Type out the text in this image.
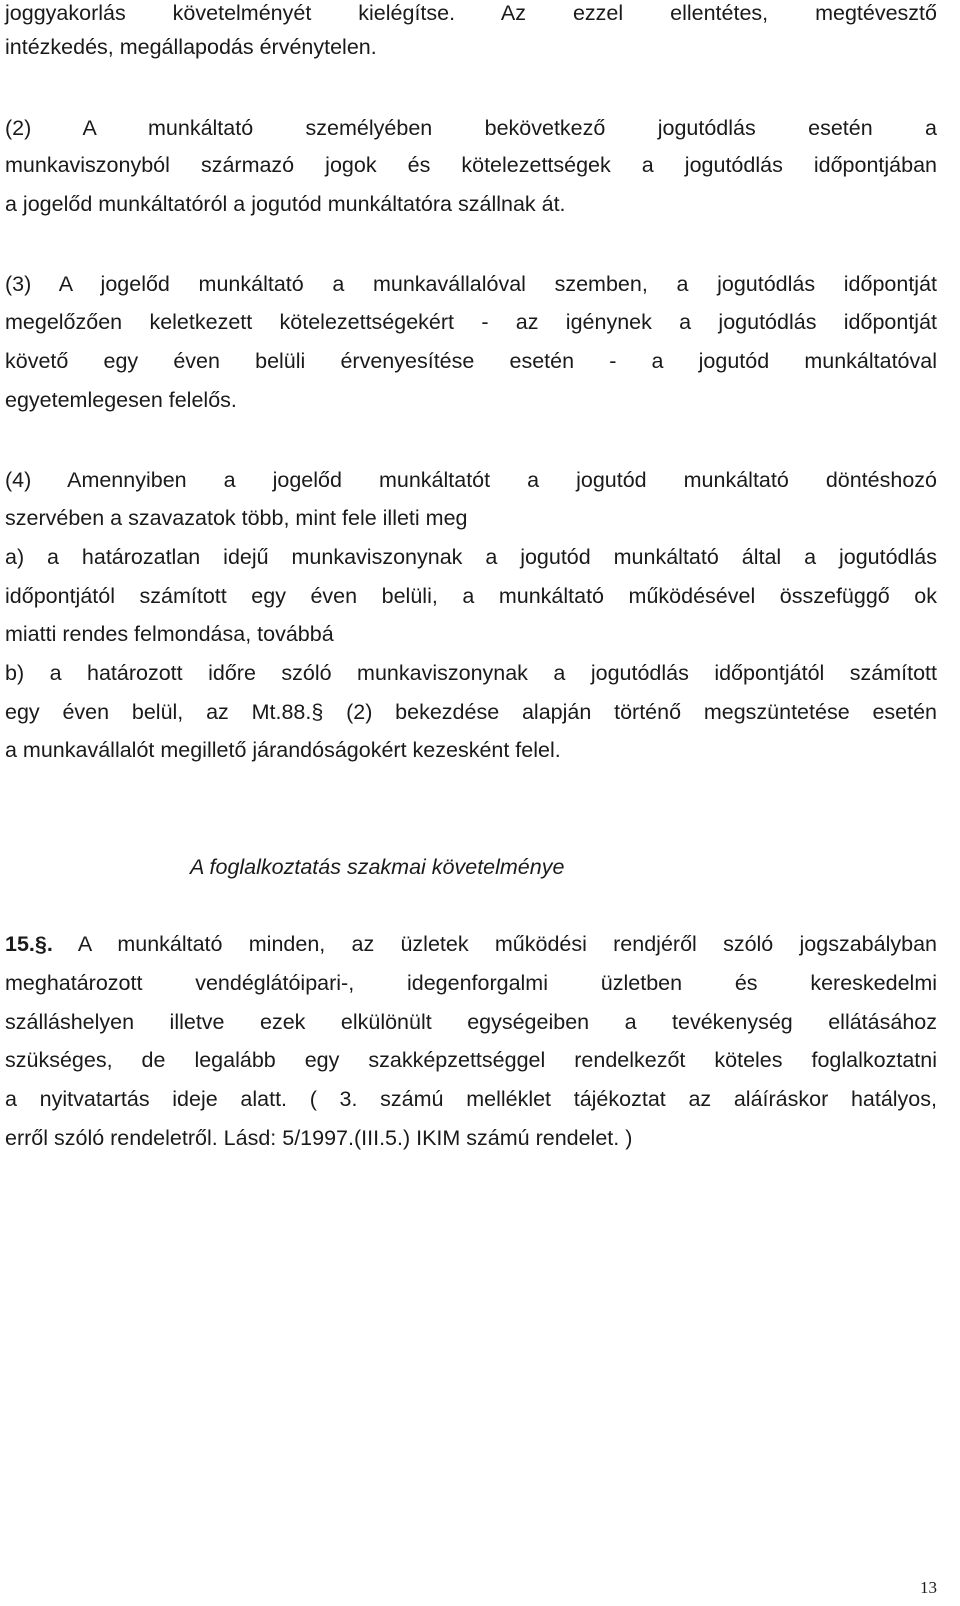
joggyakorlás követelményét kielégítse. Az ezzel ellentétes, megtévesztő
intézkedés, megállapodás érvénytelen.
(2) A munkáltató személyében bekövetkező jogutódlás esetén a
munkaviszonyból származó jogok és kötelezettségek a jogutódlás időpontjában
a jogelőd munkáltatóról a jogutód munkáltatóra szállnak át.
(3) A jogelőd munkáltató a munkavállalóval szemben, a jogutódlás időpontját
megelőzően keletkezett kötelezettségekért - az igénynek a jogutódlás időpontját
követő egy éven belüli érvenyesítése esetén - a jogutód munkáltatóval
egyetemlegesen felelős.
(4) Amennyiben a jogelőd munkáltatót a jogutód munkáltató döntéshozó
szervében a szavazatok több, mint fele illeti meg
a) a határozatlan idejű munkaviszonynak a jogutód munkáltató által a jogutódlás
időpontjától számított egy éven belüli, a munkáltató működésével összefüggő ok
miatti rendes felmondása, továbbá
b) a határozott időre szóló munkaviszonynak a jogutódlás időpontjától számított
egy éven belül, az Mt.88.§ (2) bekezdése alapján történő megszüntetése esetén
a munkavállalót megillető járandóságokért kezesként felel.
A foglalkoztatás szakmai követelménye
15.§. A munkáltató minden, az üzletek működési rendjéről szóló jogszabályban
meghatározott vendéglátóipari-, idegenforgalmi üzletben és kereskedelmi
szálláshelyen illetve ezek elkülönült egységeiben a tevékenység ellátásához
szükséges, de legalább egy szakképzettséggel rendelkezőt köteles foglalkoztatni
a nyitvatartás ideje alatt. ( 3. számú melléklet tájékoztat az aláíráskor hatályos,
erről szóló rendeletről. Lásd: 5/1997.(III.5.) IKIM számú rendelet. )
13
